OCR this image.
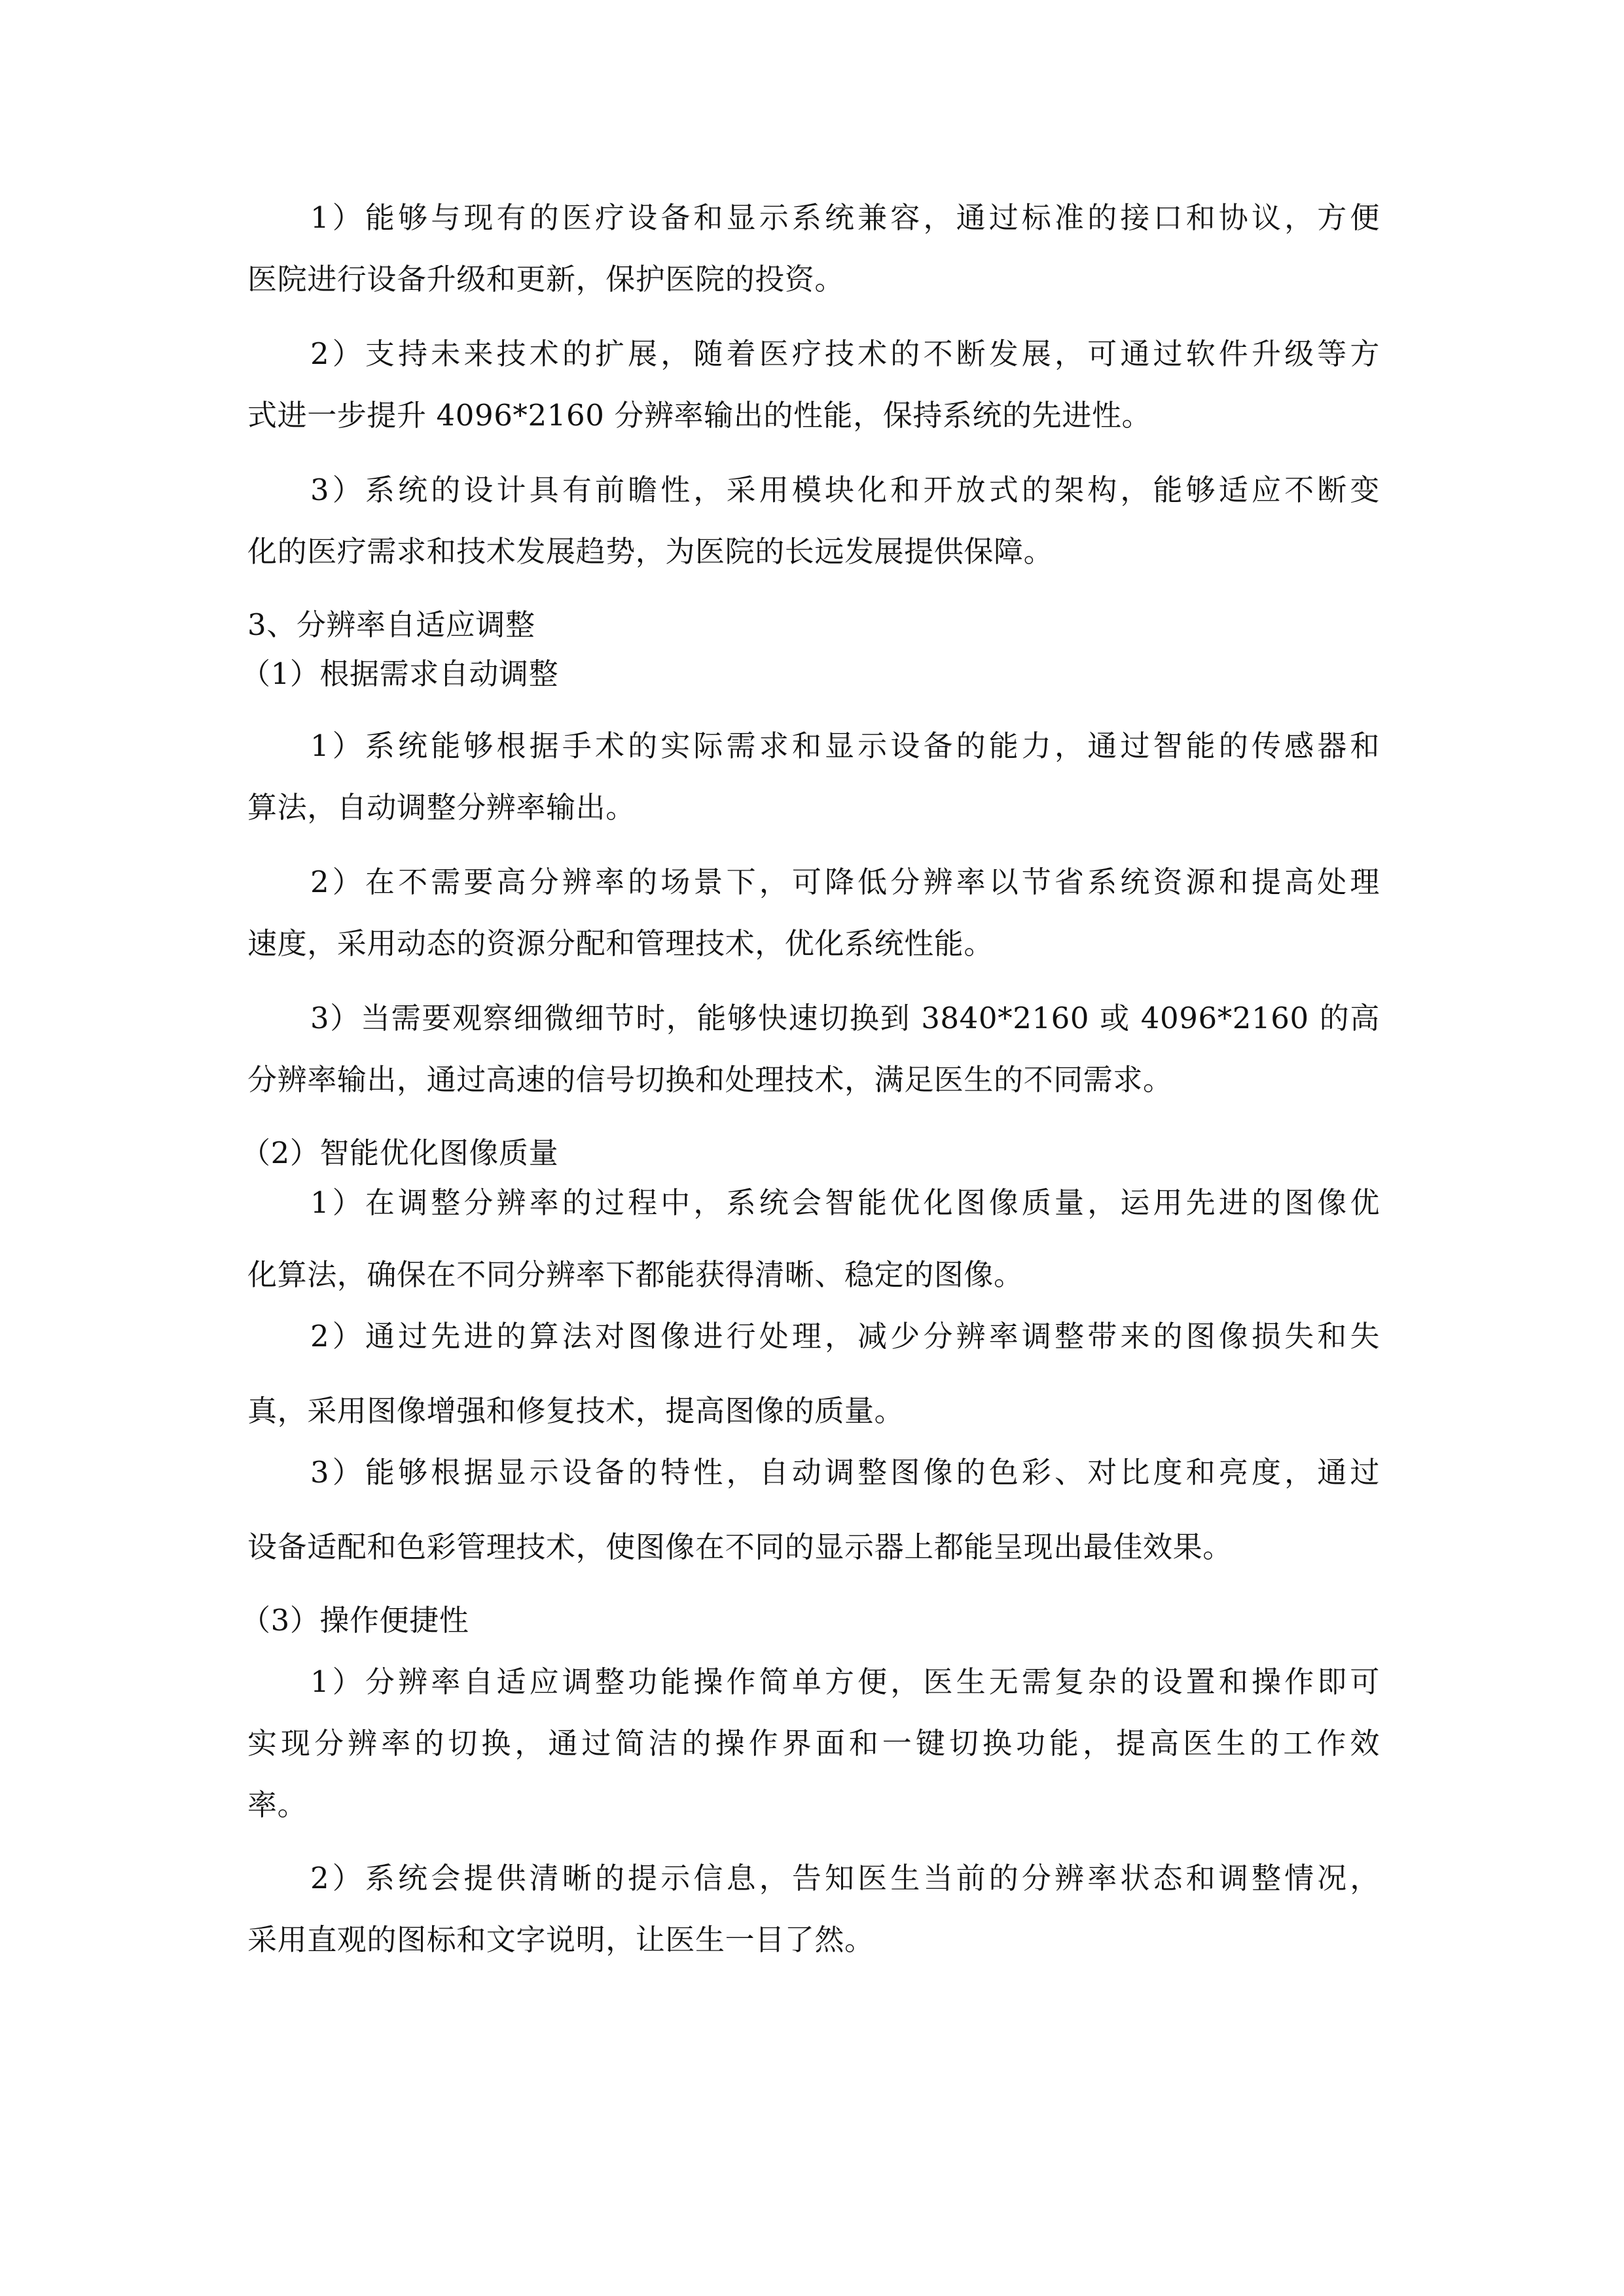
1）能够与现有的医疗设备和显示系统兼容，通过标准的接口和协议，方便
医院进行设备升级和更新，保护医院的投资。
2）支持未来技术的扩展，随着医疗技术的不断发展，可通过软件升级等方
式进一步提升 4096*2160 分辨率输出的性能，保持系统的先进性。
3）系统的设计具有前瞻性，采用模块化和开放式的架构，能够适应不断变
化的医疗需求和技术发展趋势，为医院的长远发展提供保障。
3、分辨率自适应调整
（1）根据需求自动调整
1）系统能够根据手术的实际需求和显示设备的能力，通过智能的传感器和
算法，自动调整分辨率输出。
2）在不需要高分辨率的场景下，可降低分辨率以节省系统资源和提高处理
速度，采用动态的资源分配和管理技术，优化系统性能。
3）当需要观察细微细节时，能够快速切换到 3840*2160 或 4096*2160 的高
分辨率输出，通过高速的信号切换和处理技术，满足医生的不同需求。
（2）智能优化图像质量
1）在调整分辨率的过程中，系统会智能优化图像质量，运用先进的图像优
化算法，确保在不同分辨率下都能获得清晰、稳定的图像。
2）通过先进的算法对图像进行处理，减少分辨率调整带来的图像损失和失
真，采用图像增强和修复技术，提高图像的质量。
3）能够根据显示设备的特性，自动调整图像的色彩、对比度和亮度，通过
设备适配和色彩管理技术，使图像在不同的显示器上都能呈现出最佳效果。
（3）操作便捷性
1）分辨率自适应调整功能操作简单方便，医生无需复杂的设置和操作即可
实现分辨率的切换，通过简洁的操作界面和一键切换功能，提高医生的工作效
率。
2）系统会提供清晰的提示信息，告知医生当前的分辨率状态和调整情况，
采用直观的图标和文字说明，让医生一目了然。
